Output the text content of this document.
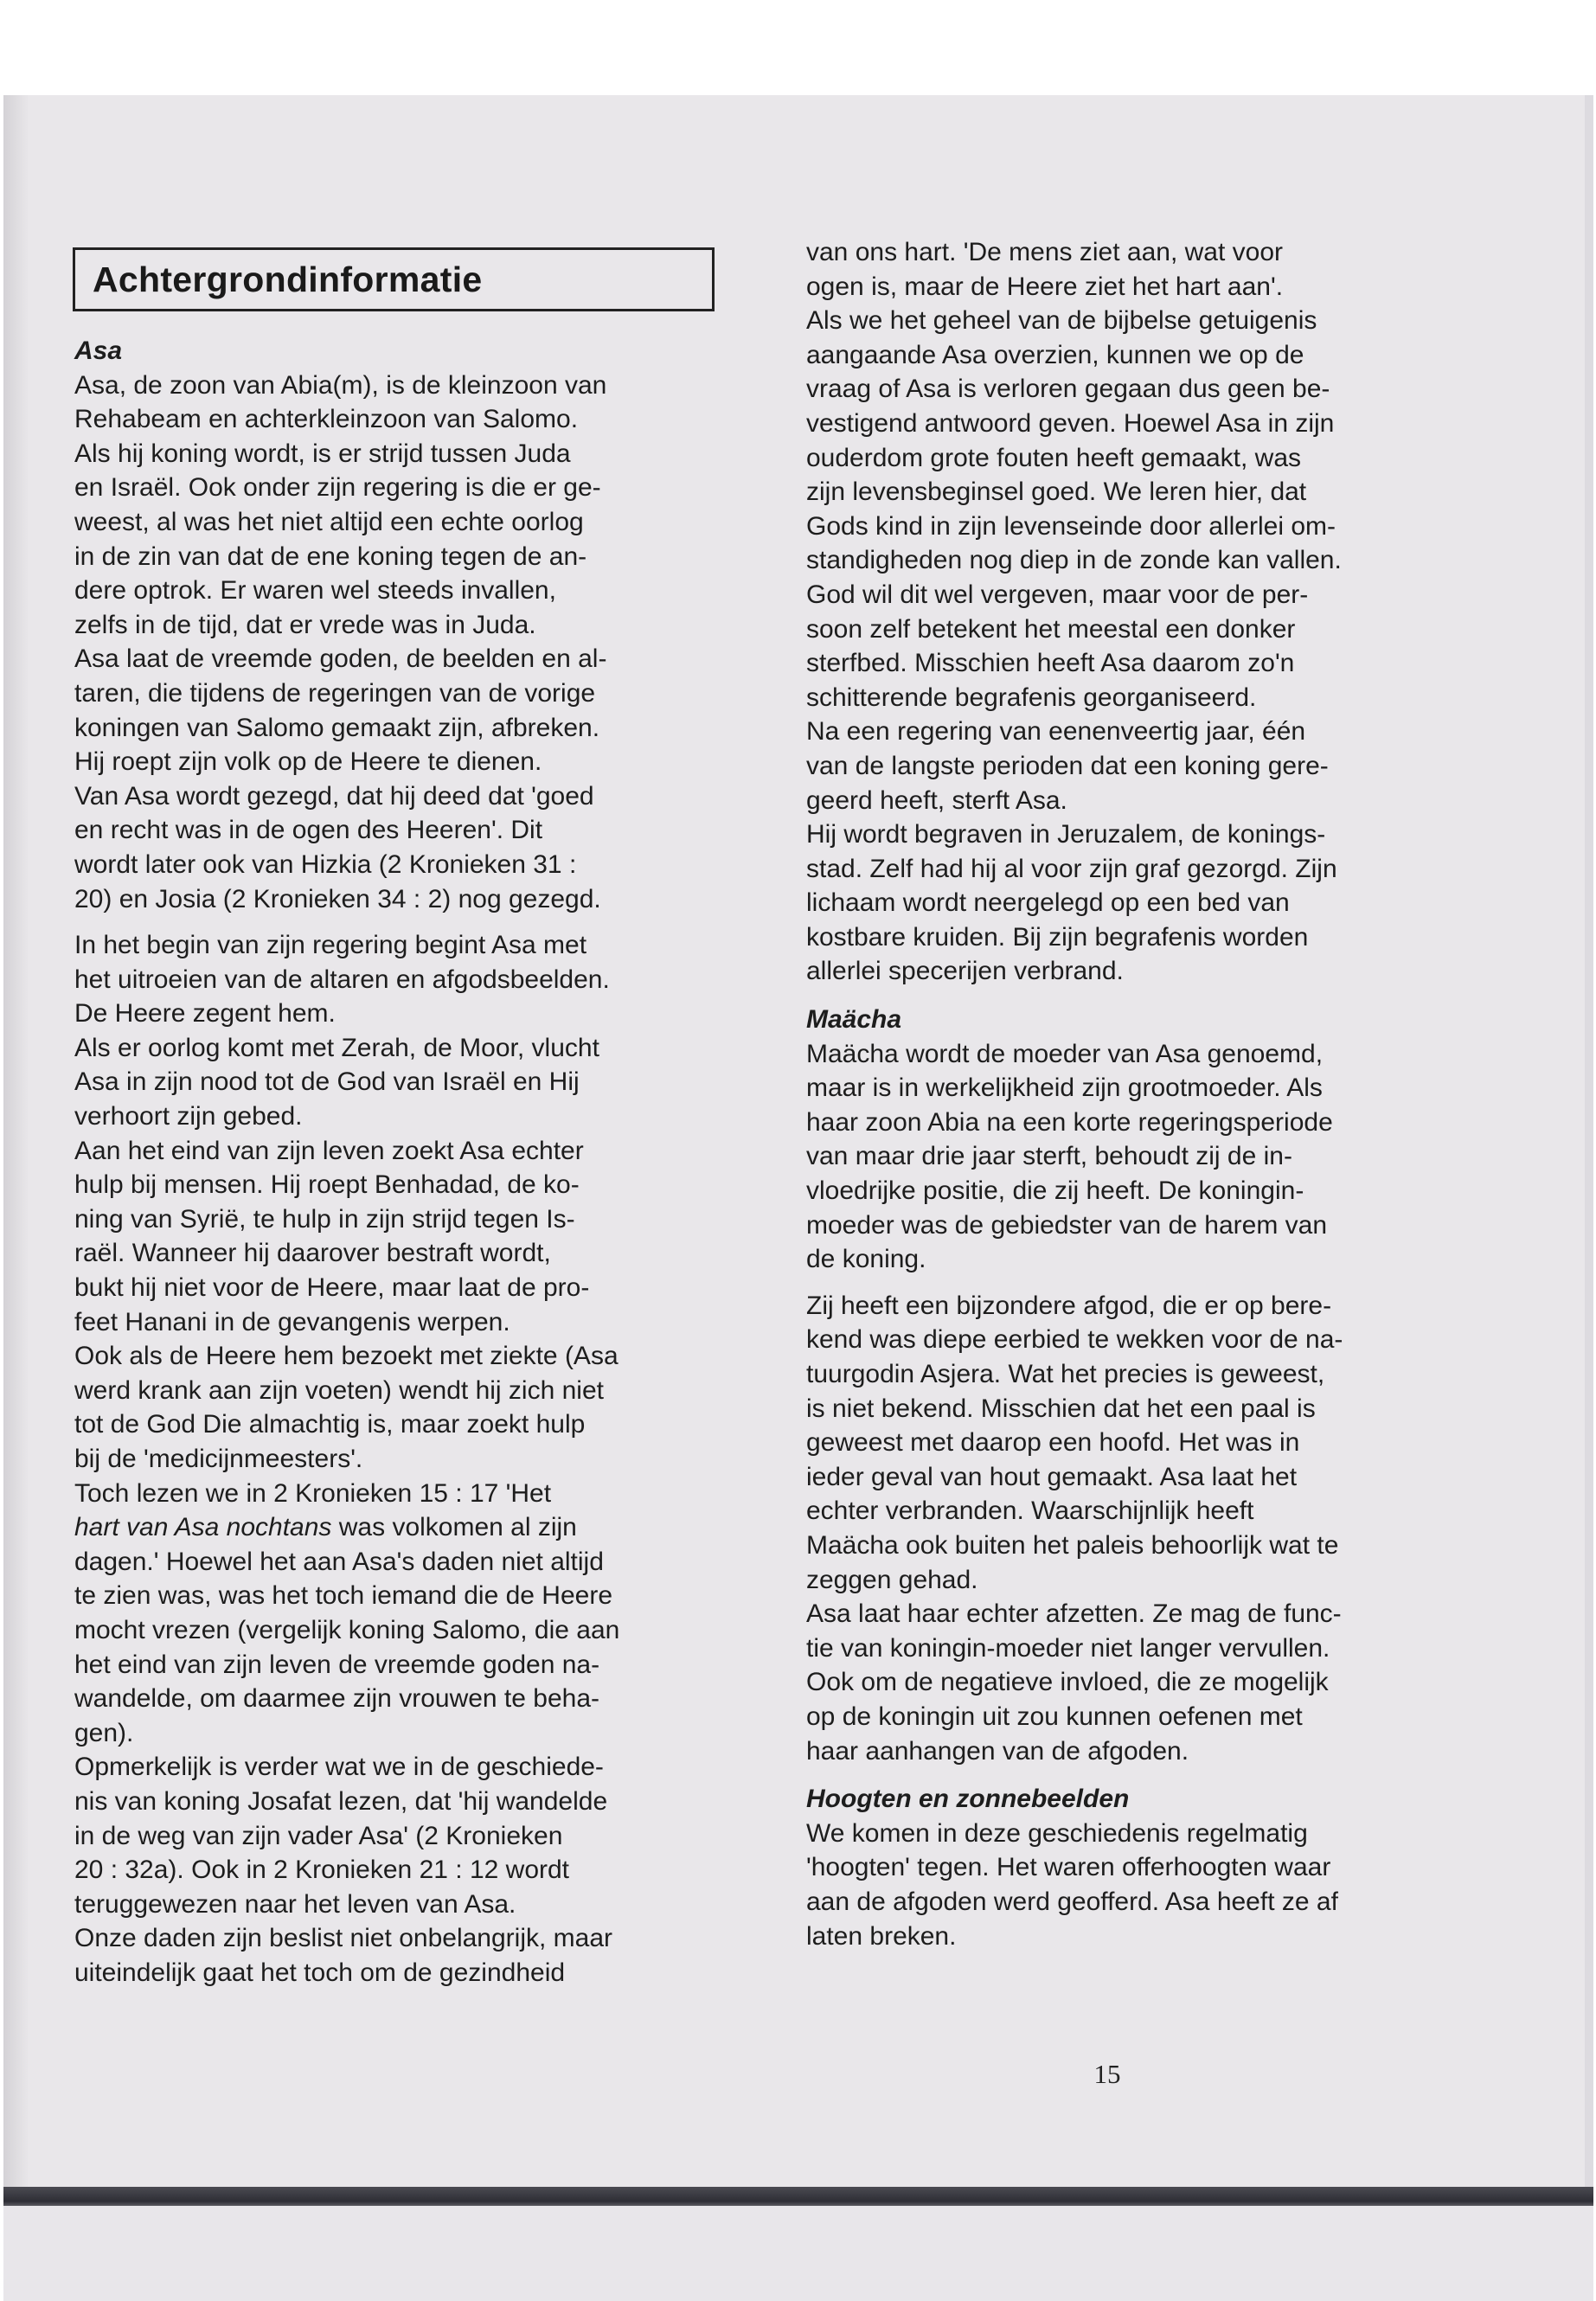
Achtergrondinformatie
Asa

Asa, de zoon van Abia(m), is de kleinzoon van
Rehabeam en achterkleinzoon van Salomo.
Als hij koning wordt, is er strijd tussen Juda
en Israël. Ook onder zijn regering is die er ge-
weest, al was het niet altijd een echte oorlog
in de zin van dat de ene koning tegen de an-
dere optrok. Er waren wel steeds invallen,
zelfs in de tijd, dat er vrede was in Juda.

Asa laat de vreemde goden, de beelden en al-
taren, die tijdens de regeringen van de vorige
koningen van Salomo gemaakt zijn, afbreken.

Hij roept zijn volk op de Heere te dienen.

Van Asa wordt gezegd, dat hij deed dat 'goed
en recht was in de ogen des Heeren'. Dit
wordt later ook van Hizkia (2 Kronieken 31 :
20) en Josia (2 Kronieken 34 : 2) nog gezegd.

In het begin van zijn regering begint Asa met
het uitroeien van de altaren en afgodsbeelden.
De Heere zegent hem.

Als er oorlog komt met Zerah, de Moor, vlucht
Asa in zijn nood tot de God van Israël en Hij
verhoort zijn gebed.

Aan het eind van zijn leven zoekt Asa echter
hulp bij mensen. Hij roept Benhadad, de ko-
ning van Syrië, te hulp in zijn strijd tegen Is-
raël. Wanneer hij daarover bestraft wordt,
bukt hij niet voor de Heere, maar laat de pro-
feet Hanani in de gevangenis werpen.

Ook als de Heere hem bezoekt met ziekte (Asa
werd krank aan zijn voeten) wendt hij zich niet
tot de God Die almachtig is, maar zoekt hulp
bij de 'medicijnmeesters'.

Toch lezen we in 2 Kronieken 15 : 17 'Het
hart van Asa nochtans was volkomen al zijn
dagen.' Hoewel het aan Asa's daden niet altijd
te zien was, was het toch iemand die de Heere
mocht vrezen (vergelijk koning Salomo, die aan
het eind van zijn leven de vreemde goden na-
wandelde, om daarmee zijn vrouwen te beha-
gen).

Opmerkelijk is verder wat we in de geschiede-
nis van koning Josafat lezen, dat 'hij wandelde
in de weg van zijn vader Asa' (2 Kronieken
20 : 32a). Ook in 2 Kronieken 21 : 12 wordt
teruggewezen naar het leven van Asa.

Onze daden zijn beslist niet onbelangrijk, maar
uiteindelijk gaat het toch om de gezindheid

van ons hart. 'De mens ziet aan, wat voor
ogen is, maar de Heere ziet het hart aan'.

Als we het geheel van de bijbelse getuigenis
aangaande Asa overzien, kunnen we op de
vraag of Asa is verloren gegaan dus geen be-
vestigend antwoord geven. Hoewel Asa in zijn
ouderdom grote fouten heeft gemaakt, was
zijn levensbeginsel goed. We leren hier, dat
Gods kind in zijn levenseinde door allerlei om-
standigheden nog diep in de zonde kan vallen.
God wil dit wel vergeven, maar voor de per-
soon zelf betekent het meestal een donker
sterfbed. Misschien heeft Asa daarom zo'n
schitterende begrafenis georganiseerd.

Na een regering van eenenveertig jaar, één
van de langste perioden dat een koning gere-
geerd heeft, sterft Asa.

Hij wordt begraven in Jeruzalem, de konings-
stad. Zelf had hij al voor zijn graf gezorgd. Zijn
lichaam wordt neergelegd op een bed van
kostbare kruiden. Bij zijn begrafenis worden
allerlei specerijen verbrand.

Maächa

Maächa wordt de moeder van Asa genoemd,
maar is in werkelijkheid zijn grootmoeder. Als
haar zoon Abia na een korte regeringsperiode
van maar drie jaar sterft, behoudt zij de in-
vloedrijke positie, die zij heeft. De koningin-
moeder was de gebiedster van de harem van
de koning.

Zij heeft een bijzondere afgod, die er op bere-
kend was diepe eerbied te wekken voor de na-
tuurgodin Asjera. Wat het precies is geweest,
is niet bekend. Misschien dat het een paal is
geweest met daarop een hoofd. Het was in
ieder geval van hout gemaakt. Asa laat het
echter verbranden. Waarschijnlijk heeft
Maächa ook buiten het paleis behoorlijk wat te
zeggen gehad.

Asa laat haar echter afzetten. Ze mag de func-
tie van koningin-moeder niet langer vervullen.
Ook om de negatieve invloed, die ze mogelijk
op de koningin uit zou kunnen oefenen met
haar aanhangen van de afgoden.

Hoogten en zonnebeelden

We komen in deze geschiedenis regelmatig
'hoogten' tegen. Het waren offerhoogten waar
aan de afgoden werd geofferd. Asa heeft ze af
laten breken.

15
